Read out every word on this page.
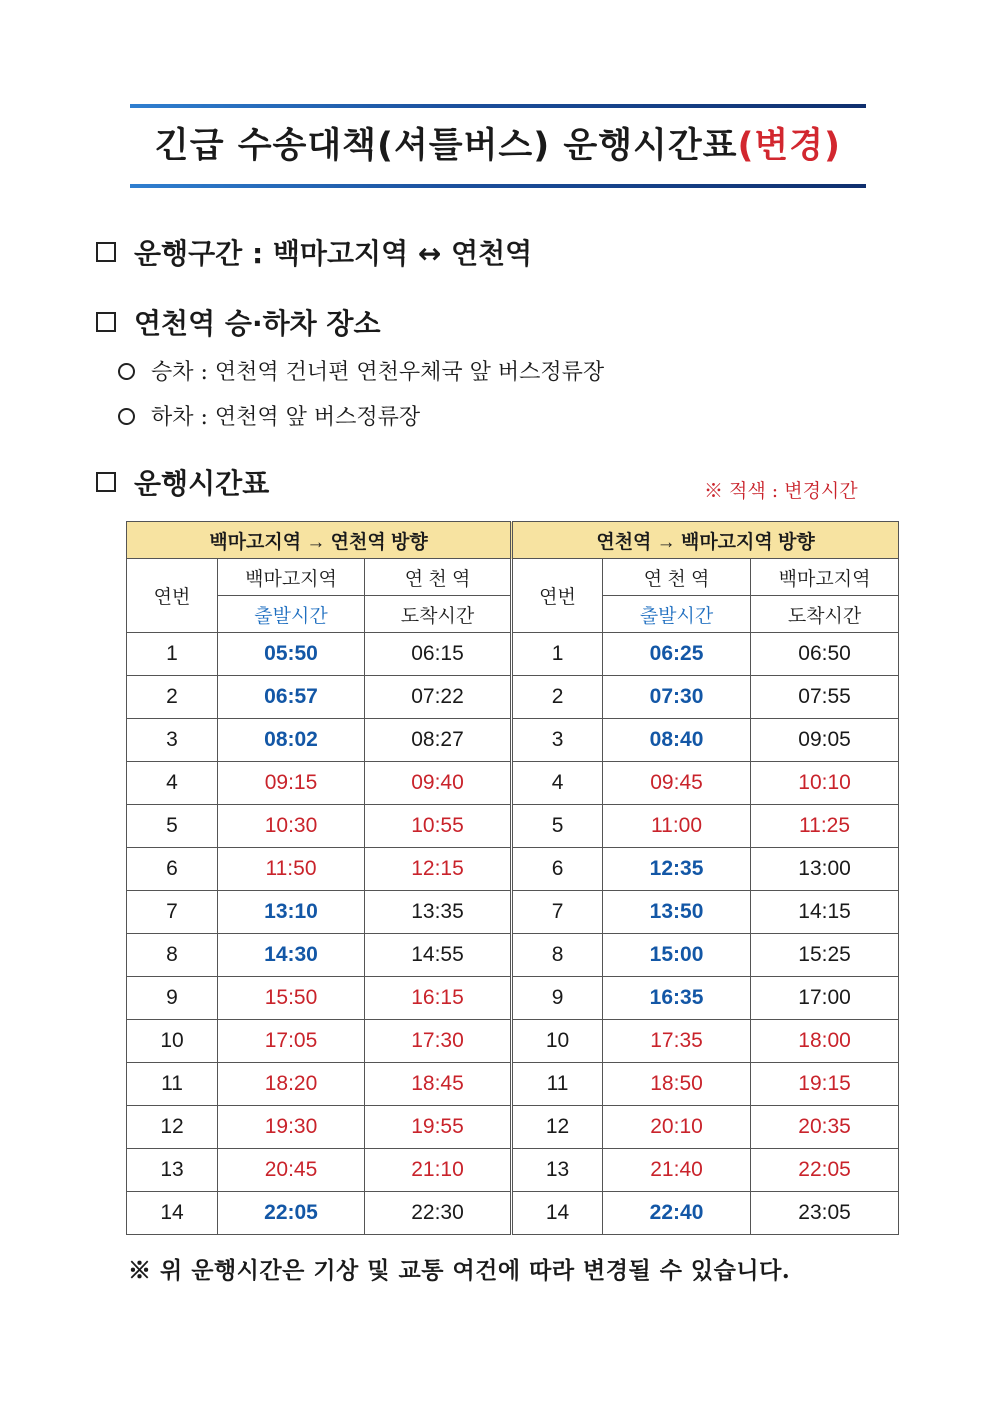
긴급 수송대책(셔틀버스) 운행시간표(변경)
운행구간 : 백마고지역 ↔ 연천역
연천역 승·하차 장소
승차 : 연천역 건너편 연천우체국 앞 버스정류장
하차 : 연천역 앞 버스정류장
운행시간표	※ 적색 : 변경시간
백마고지역 → 연천역 방향			연천역 → 백마고지역 방향		
연번	백마고지역	연 천 역	연번	연 천 역	백마고지역
	출발시간	도착시간		출발시간	도착시간
1	05:50	06:15	1	06:25	06:50
2	06:57	07:22	2	07:30	07:55
3	08:02	08:27	3	08:40	09:05
4	09:15	09:40	4	09:45	10:10
5	10:30	10:55	5	11:00	11:25
6	11:50	12:15	6	12:35	13:00
7	13:10	13:35	7	13:50	14:15
8	14:30	14:55	8	15:00	15:25
9	15:50	16:15	9	16:35	17:00
10	17:05	17:30	10	17:35	18:00
11	18:20	18:45	11	18:50	19:15
12	19:30	19:55	12	20:10	20:35
13	20:45	21:10	13	21:40	22:05
14	22:05	22:30	14	22:40	23:05
※ 위 운행시간은 기상 및 교통 여건에 따라 변경될 수 있습니다.
